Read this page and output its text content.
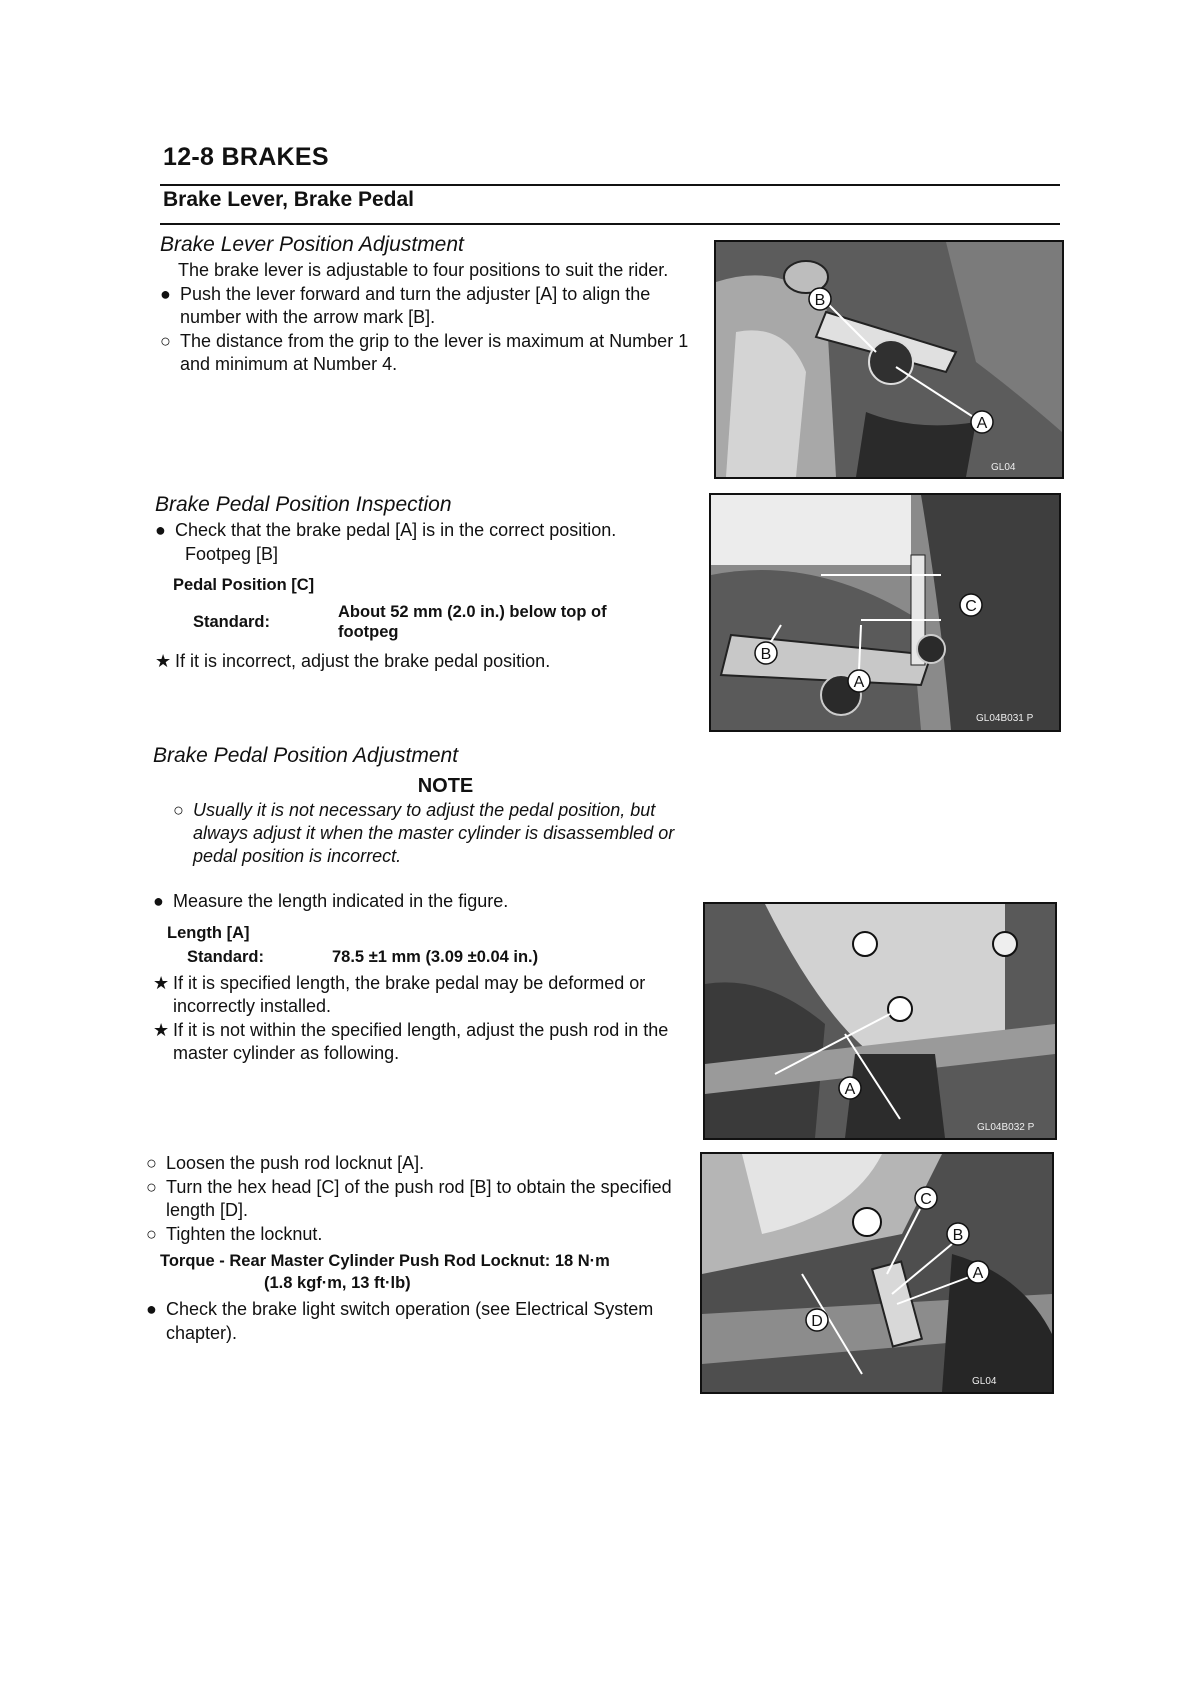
12-8 BRAKES
Brake Lever, Brake Pedal
Brake Lever Position Adjustment

The brake lever is adjustable to four positions to suit the rider.

● Push the lever forward and turn the adjuster [A] to align the number with the arrow mark [B].

○ The distance from the grip to the lever is maximum at Number 1 and minimum at Number 4.

B
A
GL04
Brake Pedal Position Inspection

● Check that the brake pedal [A] is in the correct position.

Footpeg [B]

Pedal Position [C]
Standard:
About 52 mm (2.0 in.) below top of footpeg

★ If it is incorrect, adjust the brake pedal position.

C
B
A
GL04B031 P
Brake Pedal Position Adjustment
NOTE

○ Usually it is not necessary to adjust the pedal position, but always adjust it when the master cylinder is disassembled or pedal position is incorrect.

● Measure the length indicated in the figure.

Length [A]
Standard:	78.5 ±1 mm (3.09 ±0.04 in.)

★ If it is specified length, the brake pedal may be deformed or incorrectly installed.

★ If it is not within the specified length, adjust the push rod in the master cylinder as following.

A
GL04B032 P

○ Loosen the push rod locknut [A].

○ Turn the hex head [C] of the push rod [B] to obtain the specified length [D].

○ Tighten the locknut.

Torque - Rear Master Cylinder Push Rod Locknut: 18 N·m
(1.8 kgf·m, 13 ft·lb)

● Check the brake light switch operation (see Electrical System chapter).

C
B
A
D
GL04
